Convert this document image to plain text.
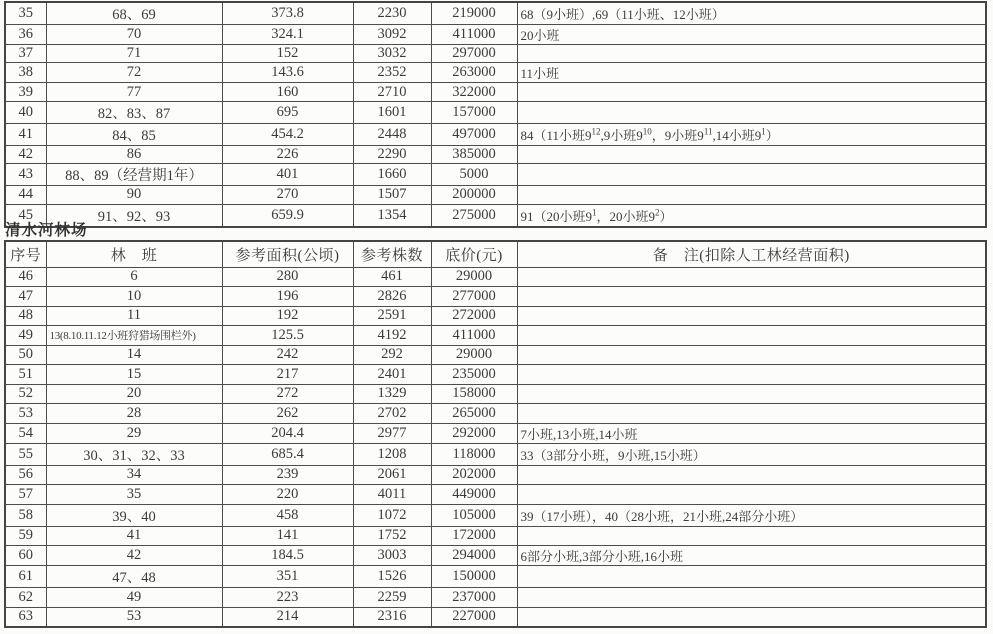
35	68、69	373.8	2230	219000	68（9小班）,69（11小班、12小班）
36	70	324.1	3092	411000	20小班
37	71	152	3032	297000	
38	72	143.6	2352	263000	11小班
39	77	160	2710	322000	
40	82、83、87	695	1601	157000	
41	84、85	454.2	2448	497000	84（11小班$9^{12},9$小班$9^{10}$，9小班$9^{11},14$小班$9^1$）
42	86	226	2290	385000	
43	88、89（经营期1年）	401	1660	5000	
44	90	270	1507	200000	
45	91、92、93	659.9	1354	275000	91（20小班$9^1$，20小班$9^2$）
清水河林场
序号	林　班	参考面积(公顷)	参考株数	底价(元)	备　注(扣除人工林经营面积)
46	6	280	461	29000	
47	10	196	2826	277000	
48	11	192	2591	272000	
49	13(8.10.11.12小班狩猎场围栏外)	125.5	4192	411000	
50	14	242	292	29000	
51	15	217	2401	235000	
52	20	272	1329	158000	
53	28	262	2702	265000	
54	29	204.4	2977	292000	7小班,13小班,14小班
55	30、31、32、33	685.4	1208	118000	33（3部分小班，9小班,15小班）
56	34	239	2061	202000	
57	35	220	4011	449000	
58	39、40	458	1072	105000	39（17小班），40（28小班，21小班,24部分小班）
59	41	141	1752	172000	
60	42	184.5	3003	294000	6部分小班,3部分小班,16小班
61	47、48	351	1526	150000	
62	49	223	2259	237000	
63	53	214	2316	227000	
